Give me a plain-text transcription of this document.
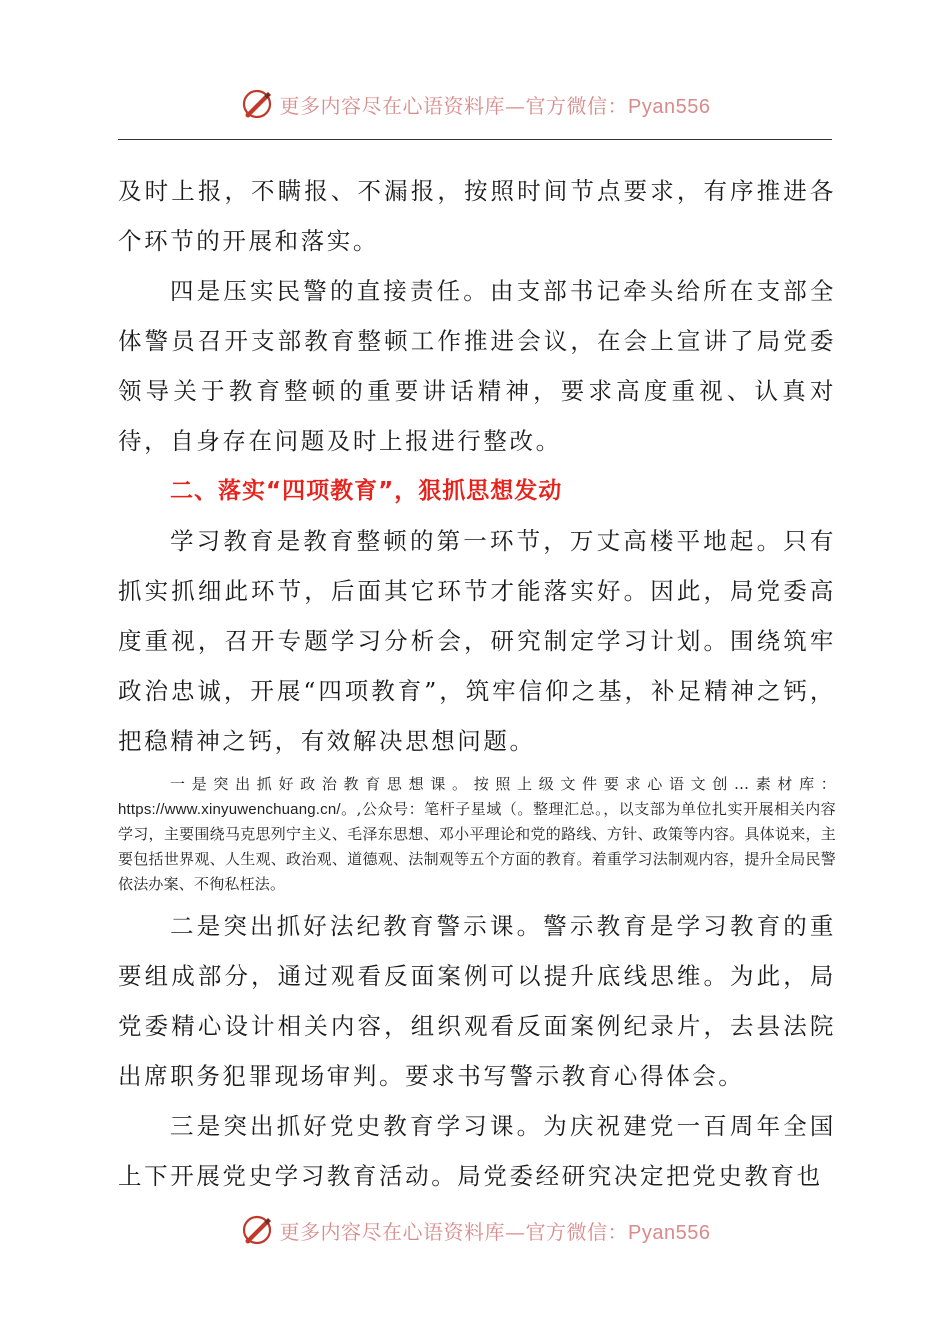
更多内容尽在心语资料库—官方微信：Pyan556

及时上报，不瞒报、不漏报，按照时间节点要求，有序推进各个环节的开展和落实。

四是压实民警的直接责任。由支部书记牵头给所在支部全体警员召开支部教育整顿工作推进会议，在会上宣讲了局党委领导关于教育整顿的重要讲话精神，要求高度重视、认真对待，自身存在问题及时上报进行整改。

二、落实“四项教育”，狠抓思想发动

学习教育是教育整顿的第一环节，万丈高楼平地起。只有抓实抓细此环节，后面其它环节才能落实好。因此，局党委高度重视，召开专题学习分析会，研究制定学习计划。围绕筑牢政治忠诚，开展“四项教育”，筑牢信仰之基，补足精神之钙，把稳精神之钙，有效解决思想问题。

一是突出抓好政治教育思想课。按照上级文件要求心语文创…素材库：https://www.xinyuwenchuang.cn/。,公众号：笔杆子星域（。整理汇总。，以支部为单位扎实开展相关内容学习，主要围绕马克思列宁主义、毛泽东思想、邓小平理论和党的路线、方针、政策等内容。具体说来，主要包括世界观、人生观、政治观、道德观、法制观等五个方面的教育。着重学习法制观内容，提升全局民警依法办案、不徇私枉法。

二是突出抓好法纪教育警示课。警示教育是学习教育的重要组成部分，通过观看反面案例可以提升底线思维。为此，局党委精心设计相关内容，组织观看反面案例纪录片，去县法院出席职务犯罪现场审判。要求书写警示教育心得体会。

三是突出抓好党史教育学习课。为庆祝建党一百周年全国上下开展党史学习教育活动。局党委经研究决定把党史教育也

更多内容尽在心语资料库—官方微信：Pyan556
